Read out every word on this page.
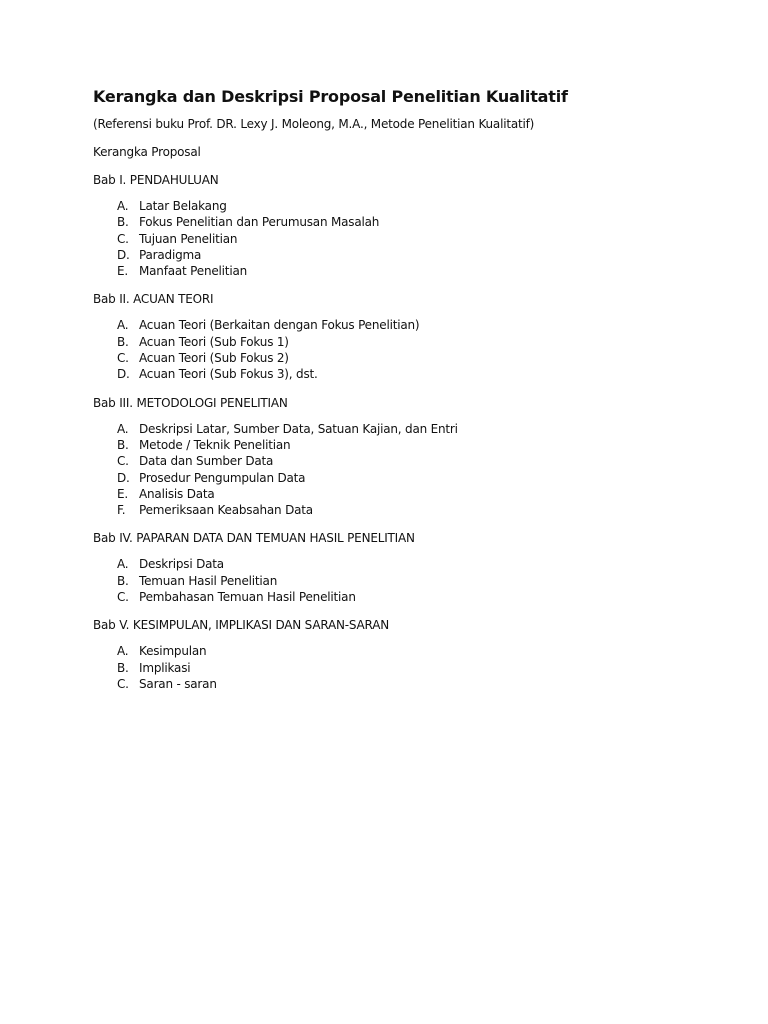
Kerangka dan Deskripsi Proposal Penelitian Kualitatif

(Referensi buku Prof. DR. Lexy J. Moleong, M.A., Metode Penelitian Kualitatif)

Kerangka Proposal

Bab I. PENDAHULUAN

A. Latar Belakang
B. Fokus Penelitian dan Perumusan Masalah
C. Tujuan Penelitian
D. Paradigma
E. Manfaat Penelitian

Bab II. ACUAN TEORI

A. Acuan Teori (Berkaitan dengan Fokus Penelitian)
B. Acuan Teori (Sub Fokus 1)
C. Acuan Teori (Sub Fokus 2)
D. Acuan Teori (Sub Fokus 3), dst.

Bab III. METODOLOGI PENELITIAN

A. Deskripsi Latar, Sumber Data, Satuan Kajian, dan Entri
B. Metode / Teknik Penelitian
C. Data dan Sumber Data
D. Prosedur Pengumpulan Data
E. Analisis Data
F.	Pemeriksaan Keabsahan Data

Bab IV. PAPARAN DATA DAN TEMUAN HASIL PENELITIAN

A. Deskripsi Data
B. Temuan Hasil Penelitian
C. Pembahasan Temuan Hasil Penelitian

Bab V. KESIMPULAN, IMPLIKASI DAN SARAN-SARAN

A. Kesimpulan
B. Implikasi
C. Saran - saran
